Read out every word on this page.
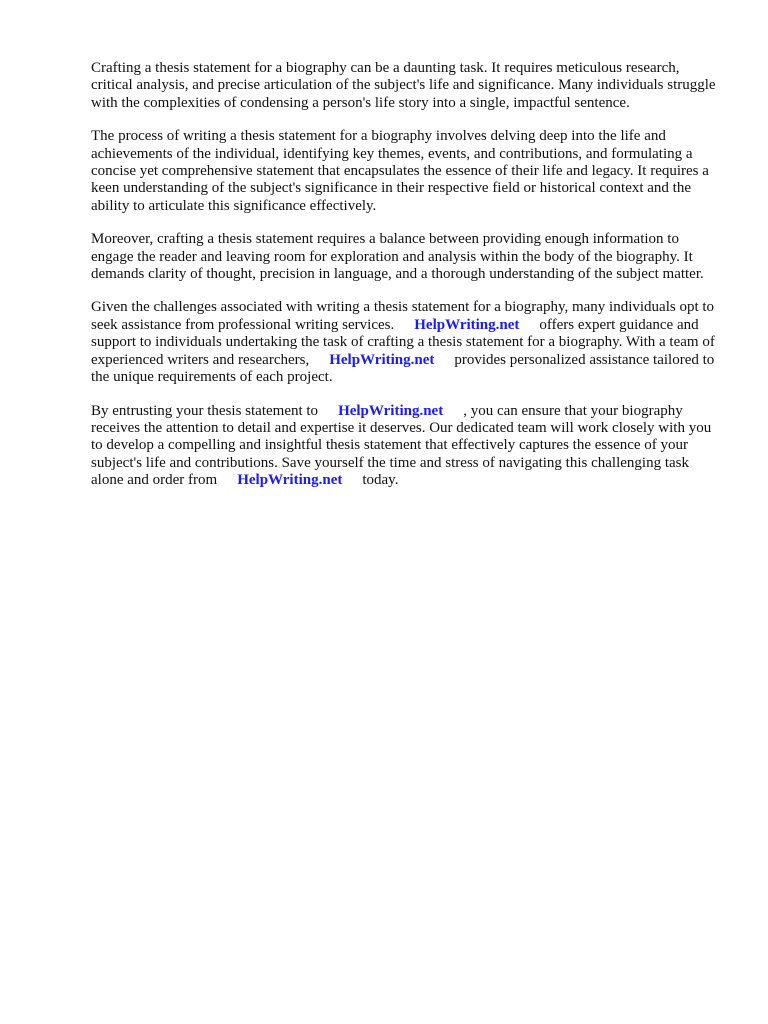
Crafting a thesis statement for a biography can be a daunting task. It requires meticulous research, critical analysis, and precise articulation of the subject's life and significance. Many individuals struggle with the complexities of condensing a person's life story into a single, impactful sentence.

The process of writing a thesis statement for a biography involves delving deep into the life and achievements of the individual, identifying key themes, events, and contributions, and formulating a concise yet comprehensive statement that encapsulates the essence of their life and legacy. It requires a keen understanding of the subject's significance in their respective field or historical context and the ability to articulate this significance effectively.

Moreover, crafting a thesis statement requires a balance between providing enough information to engage the reader and leaving room for exploration and analysis within the body of the biography. It demands clarity of thought, precision in language, and a thorough understanding of the subject matter.

Given the challenges associated with writing a thesis statement for a biography, many individuals opt to seek assistance from professional writing services. HelpWriting.net offers expert guidance and support to individuals undertaking the task of crafting a thesis statement for a biography. With a team of experienced writers and researchers, HelpWriting.net provides personalized assistance tailored to the unique requirements of each project.

By entrusting your thesis statement to HelpWriting.net , you can ensure that your biography receives the attention to detail and expertise it deserves. Our dedicated team will work closely with you to develop a compelling and insightful thesis statement that effectively captures the essence of your subject's life and contributions. Save yourself the time and stress of navigating this challenging task alone and order from HelpWriting.net today.
